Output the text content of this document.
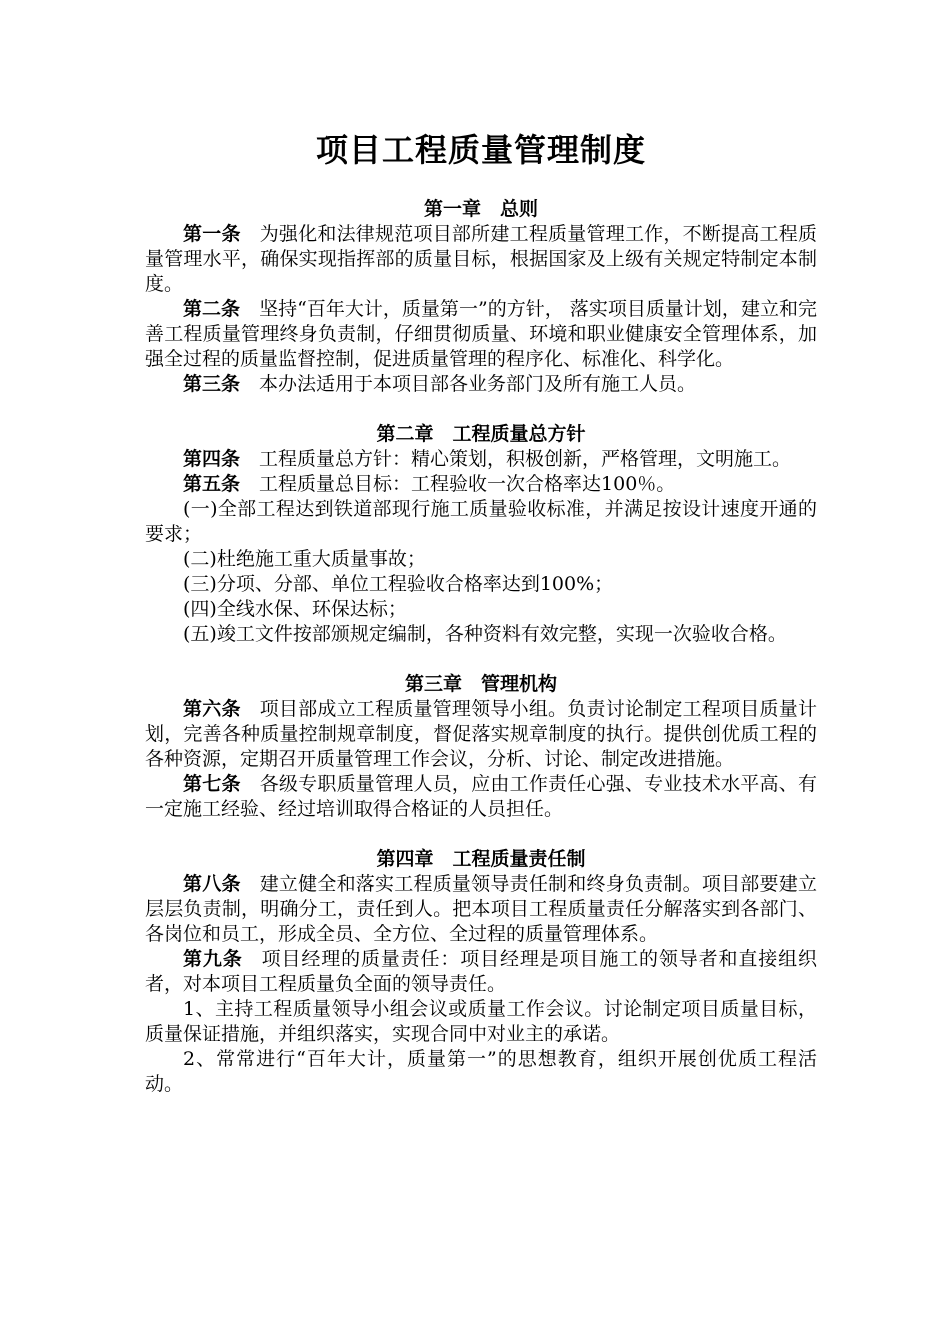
项目工程质量管理制度
第一章　总则

第一条 为强化和法律规范项目部所建工程质量管理工作，不断提高工程质量管理水平，确保实现指挥部的质量目标，根据国家及上级有关规定特制定本制度。

第二条 坚持“百年大计，质量第一”的方针， 落实项目质量计划，建立和完善工程质量管理终身负责制，仔细贯彻质量、环境和职业健康安全管理体系，加强全过程的质量监督控制，促进质量管理的程序化、标准化、科学化。

第三条 本办法适用于本项目部各业务部门及所有施工人员。

第二章　工程质量总方针

第四条 工程质量总方针：精心策划，积极创新，严格管理，文明施工。

第五条 工程质量总目标：工程验收一次合格率达100％。

(一)全部工程达到铁道部现行施工质量验收标准，并满足按设计速度开通的要求；

(二)杜绝施工重大质量事故；

(三)分项、分部、单位工程验收合格率达到100%；

(四)全线水保、环保达标；

(五)竣工文件按部颁规定编制，各种资料有效完整，实现一次验收合格。

第三章　管理机构

第六条 项目部成立工程质量管理领导小组。负责讨论制定工程项目质量计划，完善各种质量控制规章制度，督促落实规章制度的执行。提供创优质工程的各种资源，定期召开质量管理工作会议，分析、讨论、制定改进措施。

第七条 各级专职质量管理人员，应由工作责任心强、专业技术水平高、有一定施工经验、经过培训取得合格证的人员担任。

第四章　工程质量责任制

第八条 建立健全和落实工程质量领导责任制和终身负责制。项目部要建立层层负责制，明确分工，责任到人。把本项目工程质量责任分解落实到各部门、各岗位和员工，形成全员、全方位、全过程的质量管理体系。

第九条 项目经理的质量责任：项目经理是项目施工的领导者和直接组织者，对本项目工程质量负全面的领导责任。

1、主持工程质量领导小组会议或质量工作会议。讨论制定项目质量目标，质量保证措施，并组织落实，实现合同中对业主的承诺。

2、常常进行“百年大计，质量第一”的思想教育，组织开展创优质工程活动。
